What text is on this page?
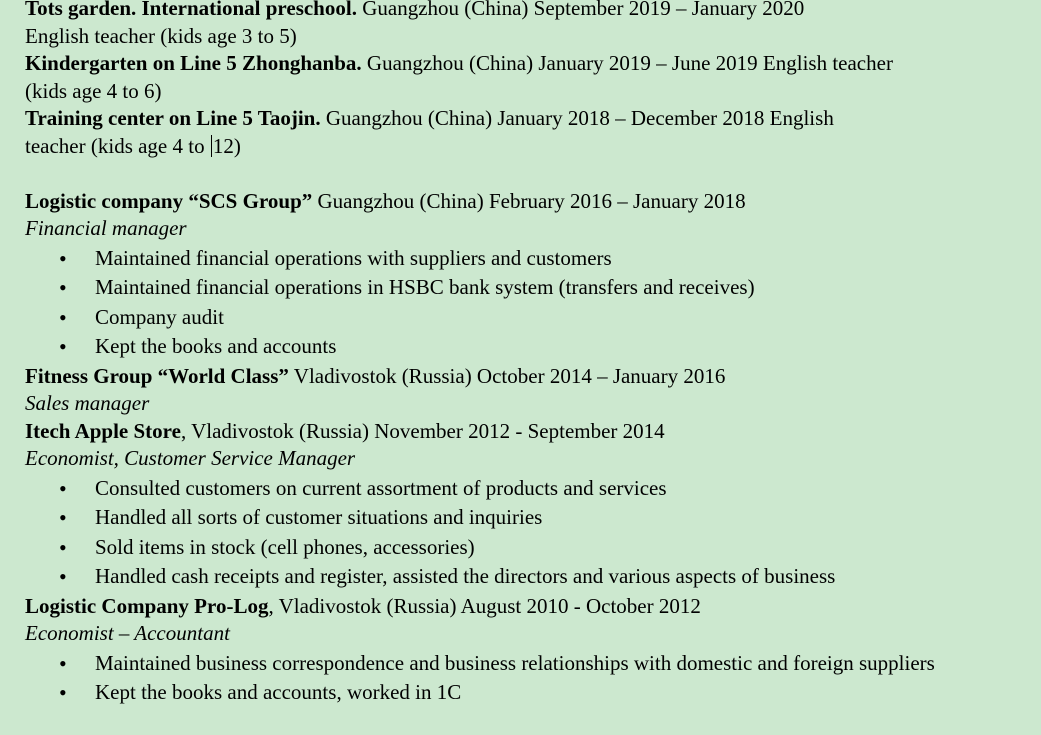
Tots garden. International preschool. Guangzhou (China) September 2019 – January 2020
English teacher (kids age 3 to 5)
Kindergarten on Line 5 Zhonghanba. Guangzhou (China) January 2019 – June 2019 English teacher
(kids age 4 to 6)
Training center on Line 5 Taojin. Guangzhou (China) January 2018 – December 2018 English
teacher (kids age 4 to 12)
Logistic company “SCS Group” Guangzhou (China) February 2016 – January 2018
Financial manager
• Maintained financial operations with suppliers and customers
• Maintained financial operations in HSBC bank system (transfers and receives)
• Company audit
• Kept the books and accounts
Fitness Group “World Class” Vladivostok (Russia) October 2014 – January 2016
Sales manager
Itech Apple Store, Vladivostok (Russia) November 2012 - September 2014
Economist, Customer Service Manager
• Consulted customers on current assortment of products and services
• Handled all sorts of customer situations and inquiries
• Sold items in stock (cell phones, accessories)
• Handled cash receipts and register, assisted the directors and various aspects of business
Logistic Company Pro-Log, Vladivostok (Russia) August 2010 - October 2012
Economist – Accountant
• Maintained business correspondence and business relationships with domestic and foreign suppliers
• Kept the books and accounts, worked in 1C
